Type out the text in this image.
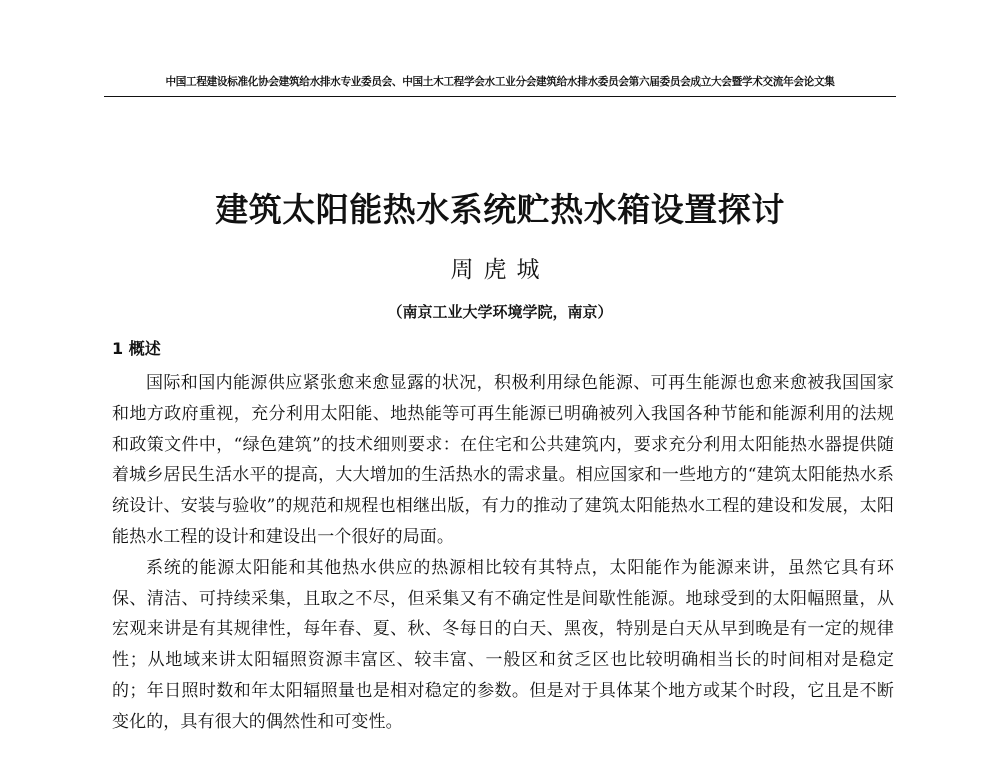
中国工程建设标准化协会建筑给水排水专业委员会、中国土木工程学会水工业分会建筑给水排水委员会第六届委员会成立大会暨学术交流年会论文集
建筑太阳能热水系统贮热水箱设置探讨
周虎城
（南京工业大学环境学院，南京）
1 概述

国际和国内能源供应紧张愈来愈显露的状况，积极利用绿色能源、可再生能源也愈来愈被我国国家和地方政府重视，充分利用太阳能、地热能等可再生能源已明确被列入我国各种节能和能源利用的法规和政策文件中，“绿色建筑”的技术细则要求：在住宅和公共建筑内，要求充分利用太阳能热水器提供随着城乡居民生活水平的提高，大大增加的生活热水的需求量。相应国家和一些地方的“建筑太阳能热水系统设计、安装与验收”的规范和规程也相继出版，有力的推动了建筑太阳能热水工程的建设和发展，太阳能热水工程的设计和建设出一个很好的局面。

系统的能源太阳能和其他热水供应的热源相比较有其特点，太阳能作为能源来讲，虽然它具有环保、清洁、可持续采集，且取之不尽，但采集又有不确定性是间歇性能源。地球受到的太阳幅照量，从宏观来讲是有其规律性，每年春、夏、秋、冬每日的白天、黑夜，特别是白天从早到晚是有一定的规律性；从地域来讲太阳辐照资源丰富区、较丰富、一般区和贫乏区也比较明确相当长的时间相对是稳定的；年日照时数和年太阳辐照量也是相对稳定的参数。但是对于具体某个地方或某个时段，它且是不断变化的，具有很大的偶然性和可变性。
